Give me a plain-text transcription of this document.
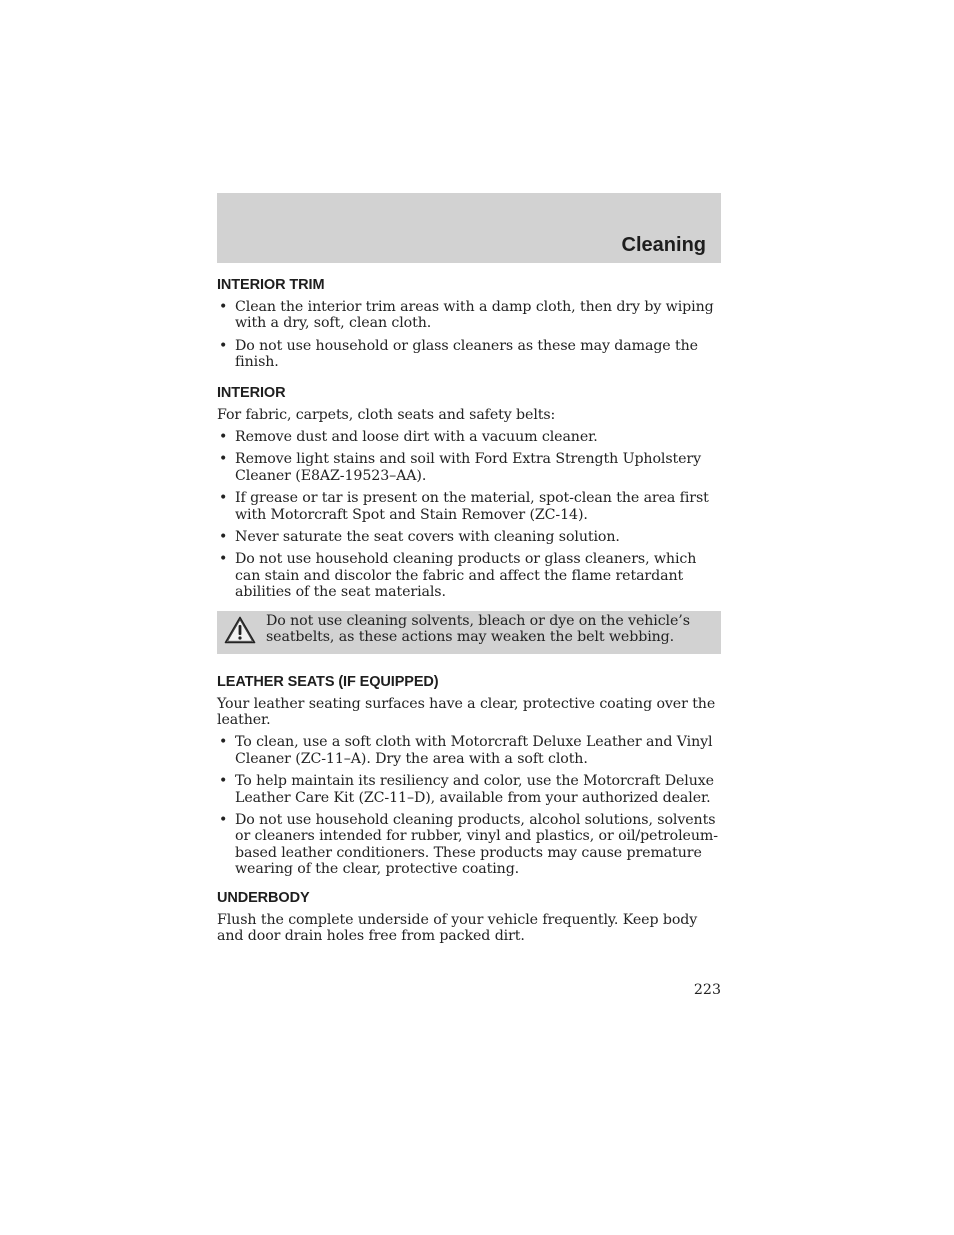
Cleaning
INTERIOR TRIM
• Clean the interior trim areas with a damp cloth, then dry by wiping with a dry, soft, clean cloth.
• Do not use household or glass cleaners as these may damage the finish.
INTERIOR

For fabric, carpets, cloth seats and safety belts:

• Remove dust and loose dirt with a vacuum cleaner.
• Remove light stains and soil with Ford Extra Strength Upholstery Cleaner (E8AZ-19523–AA).
• If grease or tar is present on the material, spot-clean the area first with Motorcraft Spot and Stain Remover (ZC-14).
• Never saturate the seat covers with cleaning solution.
• Do not use household cleaning products or glass cleaners, which can stain and discolor the fabric and affect the flame retardant abilities of the seat materials.
Do not use cleaning solvents, bleach or dye on the vehicle’s seatbelts, as these actions may weaken the belt webbing.
LEATHER SEATS (IF EQUIPPED)

Your leather seating surfaces have a clear, protective coating over the leather.

• To clean, use a soft cloth with Motorcraft Deluxe Leather and Vinyl Cleaner (ZC-11–A). Dry the area with a soft cloth.
• To help maintain its resiliency and color, use the Motorcraft Deluxe Leather Care Kit (ZC-11–D), available from your authorized dealer.
• Do not use household cleaning products, alcohol solutions, solvents or cleaners intended for rubber, vinyl and plastics, or oil/petroleum-based leather conditioners. These products may cause premature wearing of the clear, protective coating.
UNDERBODY

Flush the complete underside of your vehicle frequently. Keep body and door drain holes free from packed dirt.

223
